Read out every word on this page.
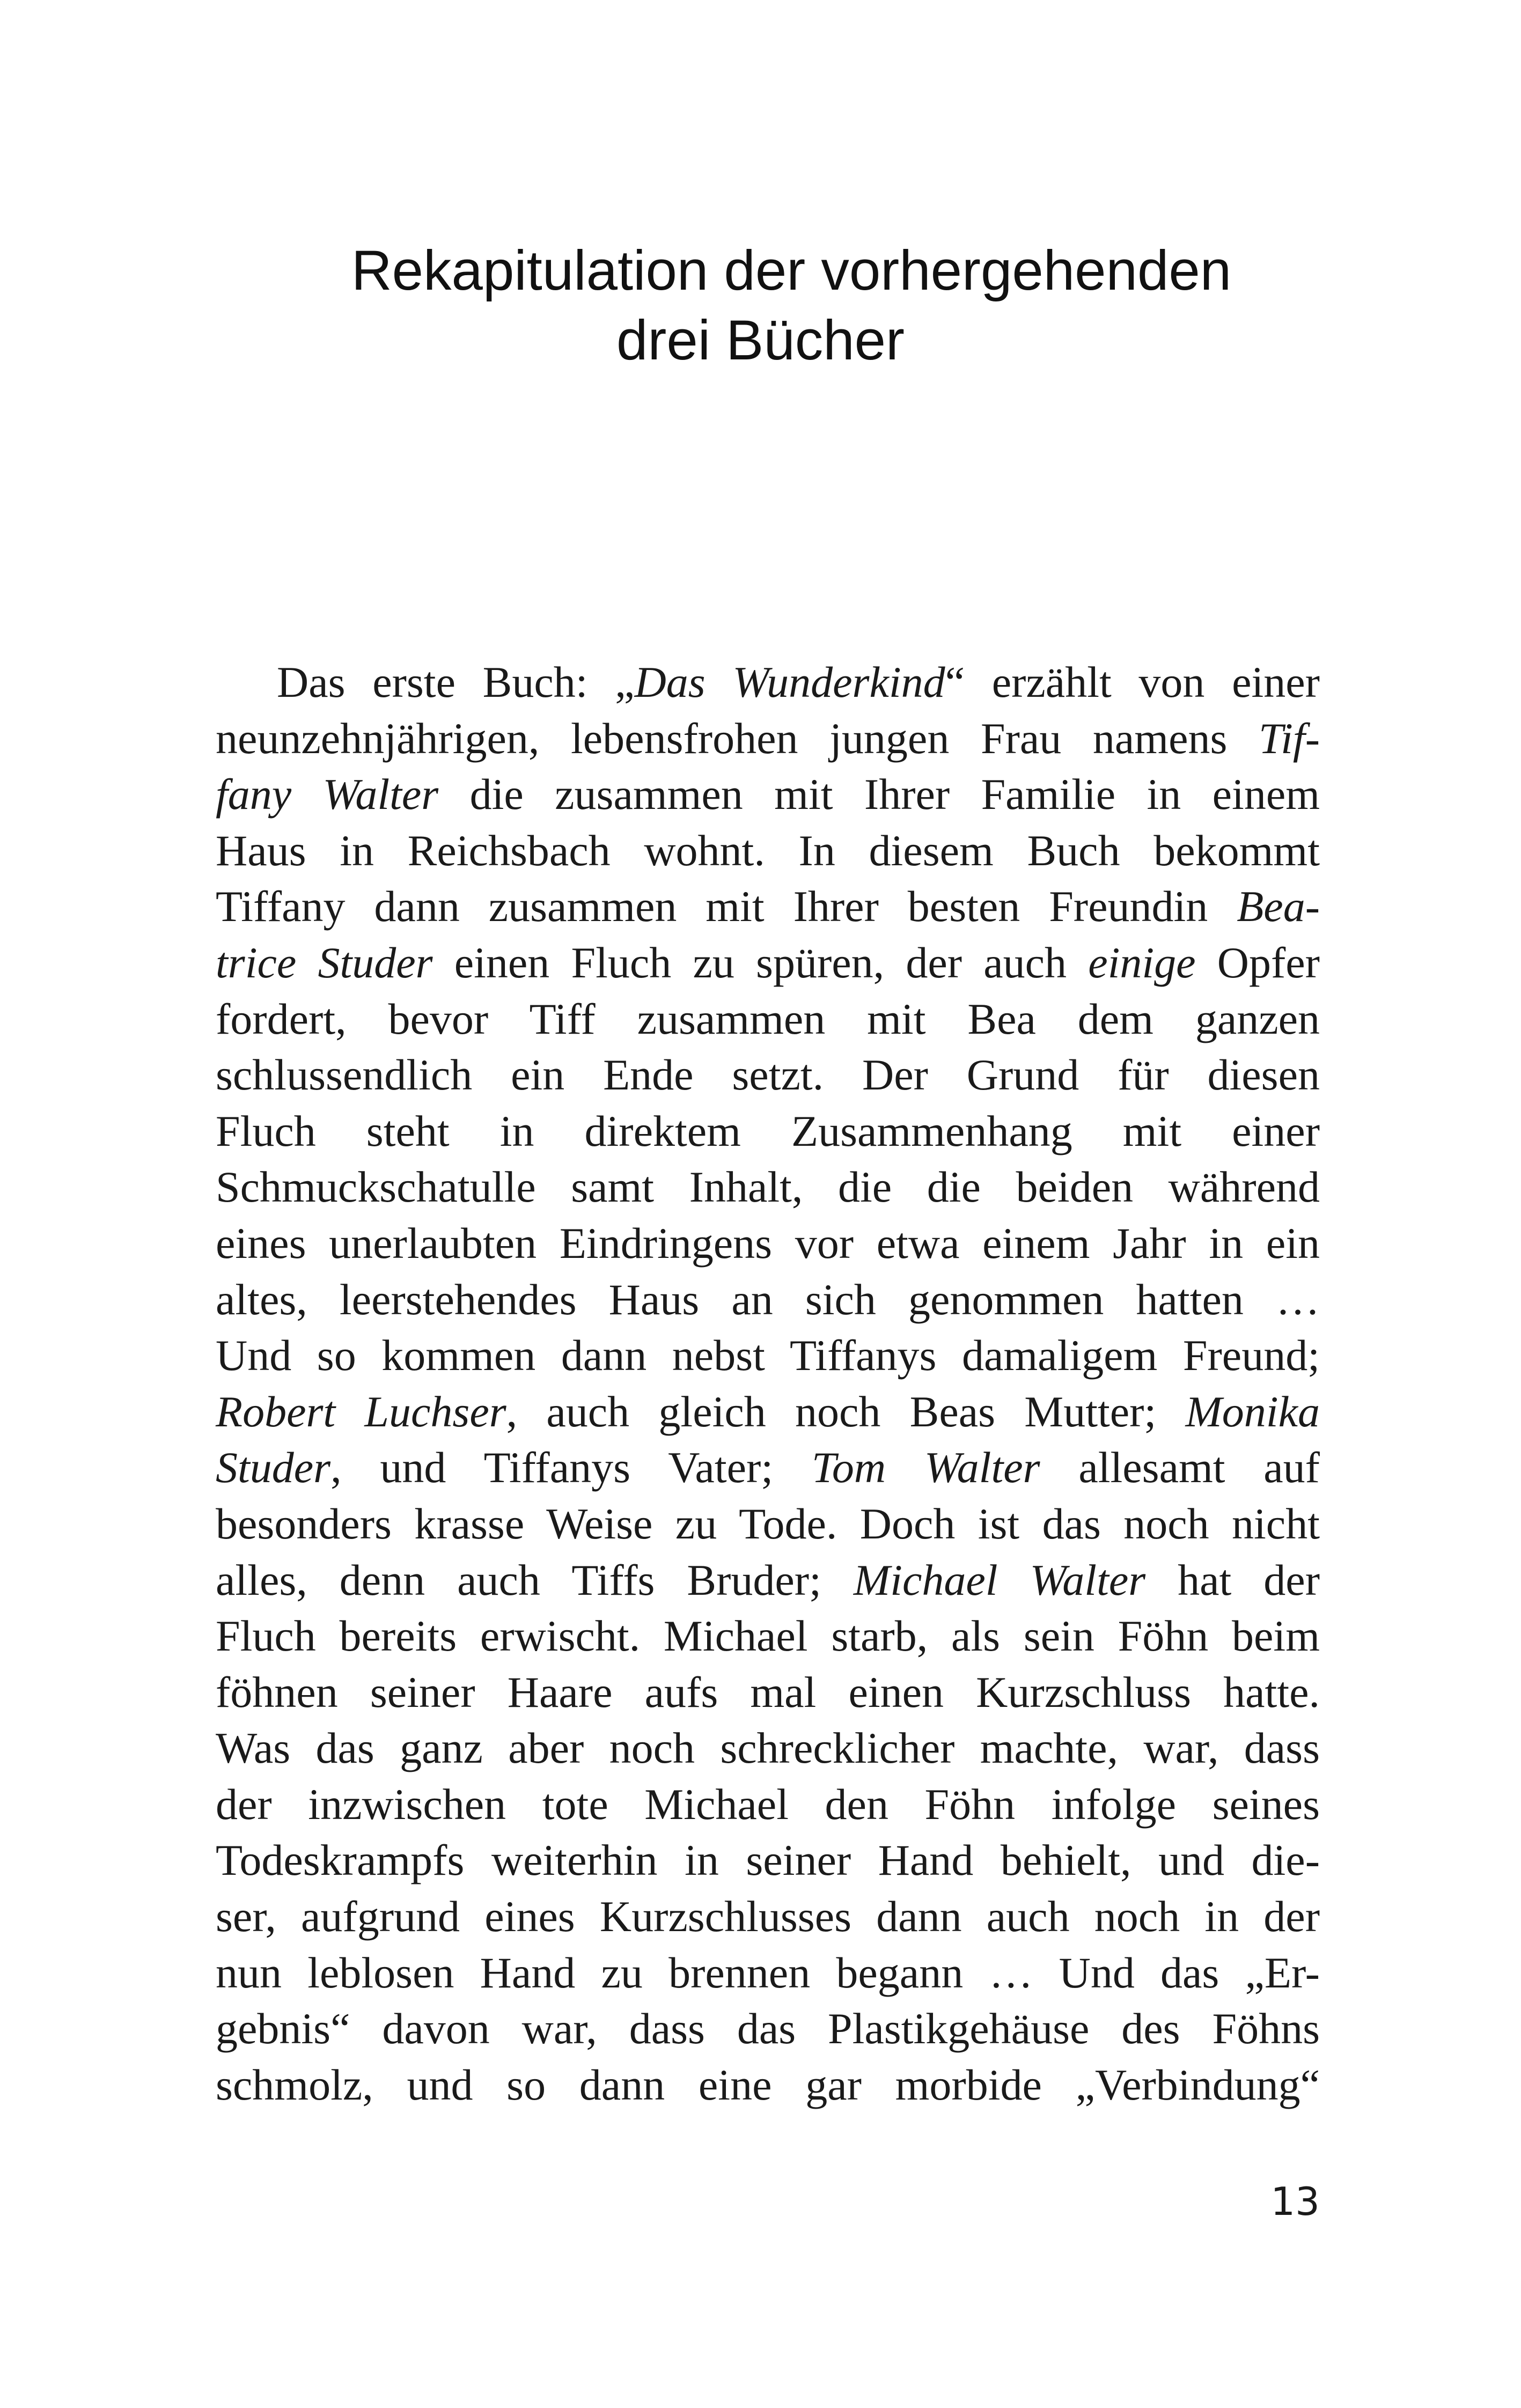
Rekapitulation der vorhergehenden
drei Bücher
Das erste Buch: „Das Wunderkind“ erzählt von einer
neunzehnjährigen, lebensfrohen jungen Frau namens Tif-
fany Walter die zusammen mit Ihrer Familie in einem
Haus in Reichsbach wohnt. In diesem Buch bekommt
Tiffany dann zusammen mit Ihrer besten Freundin Bea-
trice Studer einen Fluch zu spüren, der auch einige Opfer
fordert, bevor Tiff zusammen mit Bea dem ganzen
schlussendlich ein Ende setzt. Der Grund für diesen
Fluch steht in direktem Zusammenhang mit einer
Schmuckschatulle samt Inhalt, die die beiden während
eines unerlaubten Eindringens vor etwa einem Jahr in ein
altes, leerstehendes Haus an sich genommen hatten …
Und so kommen dann nebst Tiffanys damaligem Freund;
Robert Luchser, auch gleich noch Beas Mutter; Monika
Studer, und Tiffanys Vater; Tom Walter allesamt auf
besonders krasse Weise zu Tode. Doch ist das noch nicht
alles, denn auch Tiffs Bruder; Michael Walter hat der
Fluch bereits erwischt. Michael starb, als sein Föhn beim
föhnen seiner Haare aufs mal einen Kurzschluss hatte.
Was das ganz aber noch schrecklicher machte, war, dass
der inzwischen tote Michael den Föhn infolge seines
Todeskrampfs weiterhin in seiner Hand behielt, und die-
ser, aufgrund eines Kurzschlusses dann auch noch in der
nun leblosen Hand zu brennen begann … Und das „Er-
gebnis“ davon war, dass das Plastikgehäuse des Föhns
schmolz, und so dann eine gar morbide „Verbindung“
13
